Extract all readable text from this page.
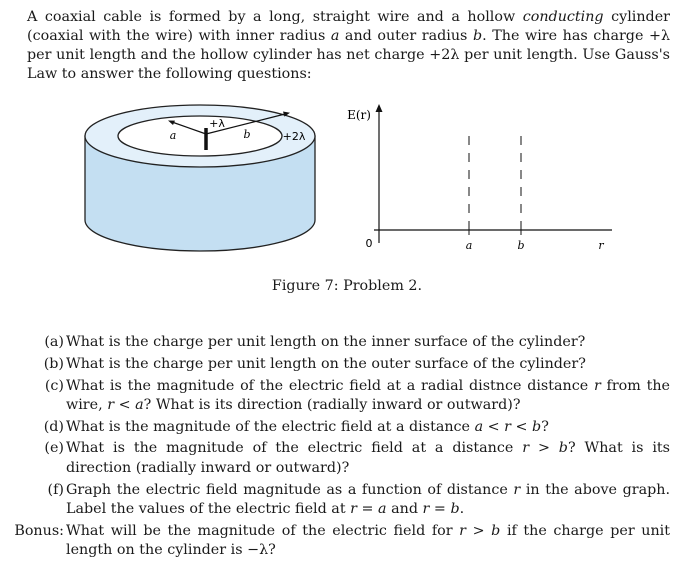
A coaxial cable is formed by a long, straight wire and a hollow conducting cylinder (coaxial with the wire) with inner radius a and outer radius b. The wire has charge +λ per unit length and the hollow cylinder has net charge +2λ per unit length. Use Gauss's Law to answer the following questions:
a	b
+λ
+2λ
E(r)
0	a	b	r
Figure 7: Problem 2.
(a) What is the charge per unit length on the inner surface of the cylinder?
(b) What is the charge per unit length on the outer surface of the cylinder?
(c) What is the magnitude of the electric field at a radial distnce distance r from the wire, r < a? What is its direction (radially inward or outward)?
(d) What is the magnitude of the electric field at a distance a < r < b?
(e) What is the magnitude of the electric field at a distance r > b? What is its direction (radially inward or outward)?
(f) Graph the electric field magnitude as a function of distance r in the above graph. Label the values of the electric field at r = a and r = b.
Bonus: What will be the magnitude of the electric field for r > b if the charge per unit length on the cylinder is −λ?
